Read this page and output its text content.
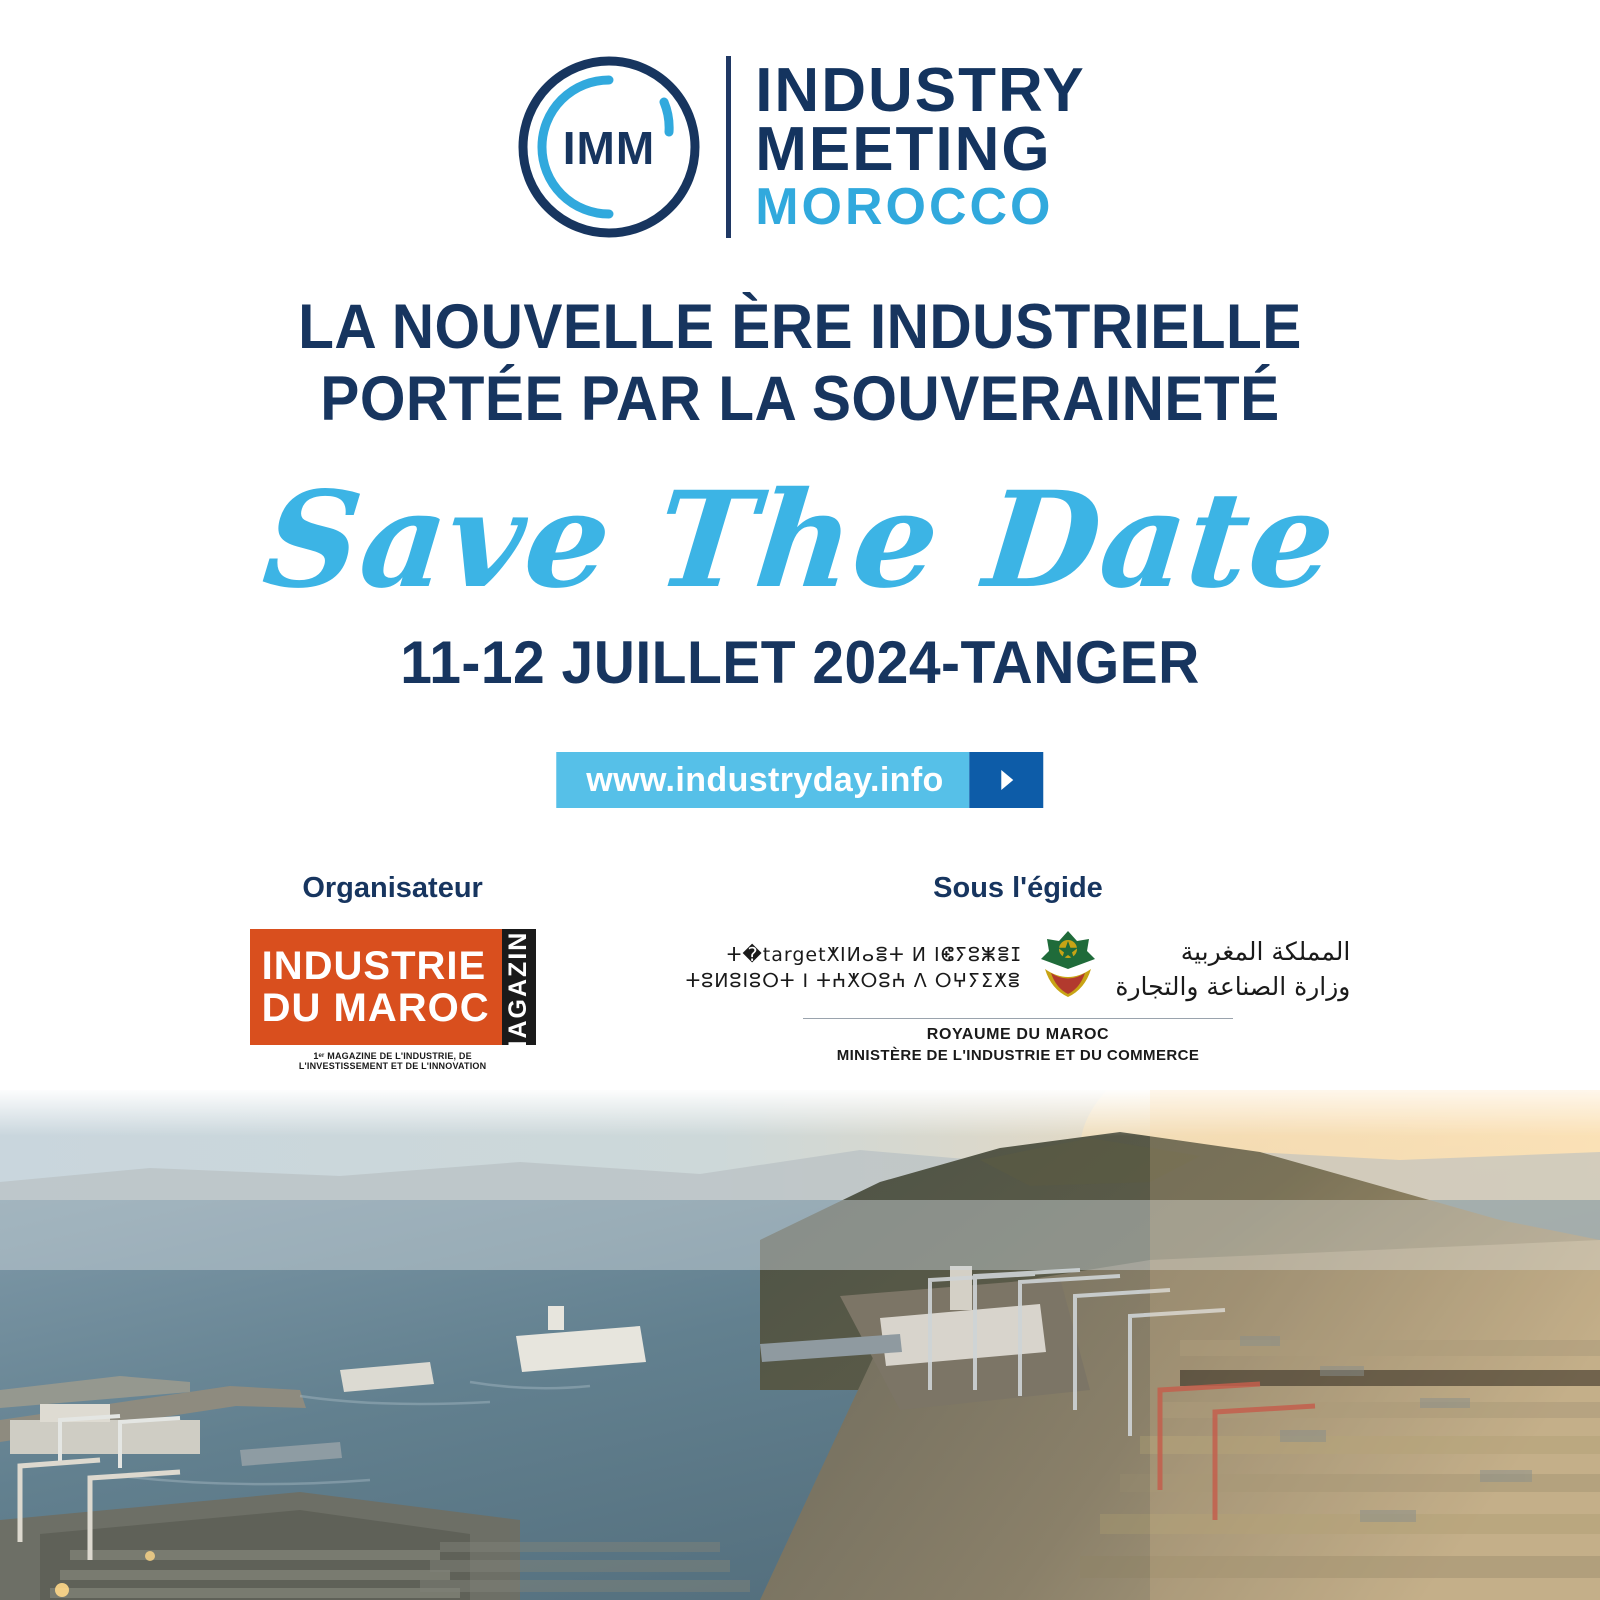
IMM
INDUSTRY
MEETING
MOROCCO
LA NOUVELLE ÈRE INDUSTRIELLE
PORTÉE PAR LA SOUVERAINETÉ
Save The Date
11-12 JUILLET 2024-TANGER
www.industryday.info
Organisateur
INDUSTRIE
DU MAROC MAGAZINE
1ᵉʳ MAGAZINE DE L'INDUSTRIE, DE L'INVESTISSEMENT ET DE L'INNOVATION
Sous l'égide
ⵜ�targetⵅⵏⵍⴰⴻⵜ ⵍ ⵏⵞⵢⵓⵥⴻⵊ
ⵜⵓⵍⵓⵏⵓⵔⵜ Ⅰ ⵜⵄⵅⵔⵓⵄ ⴷ ⵔⵖⵢⵉⵅⴻ
المملكة المغربية
وزارة الصناعة والتجارة
ROYAUME DU MAROC
MINISTÈRE DE L'INDUSTRIE ET DU COMMERCE
